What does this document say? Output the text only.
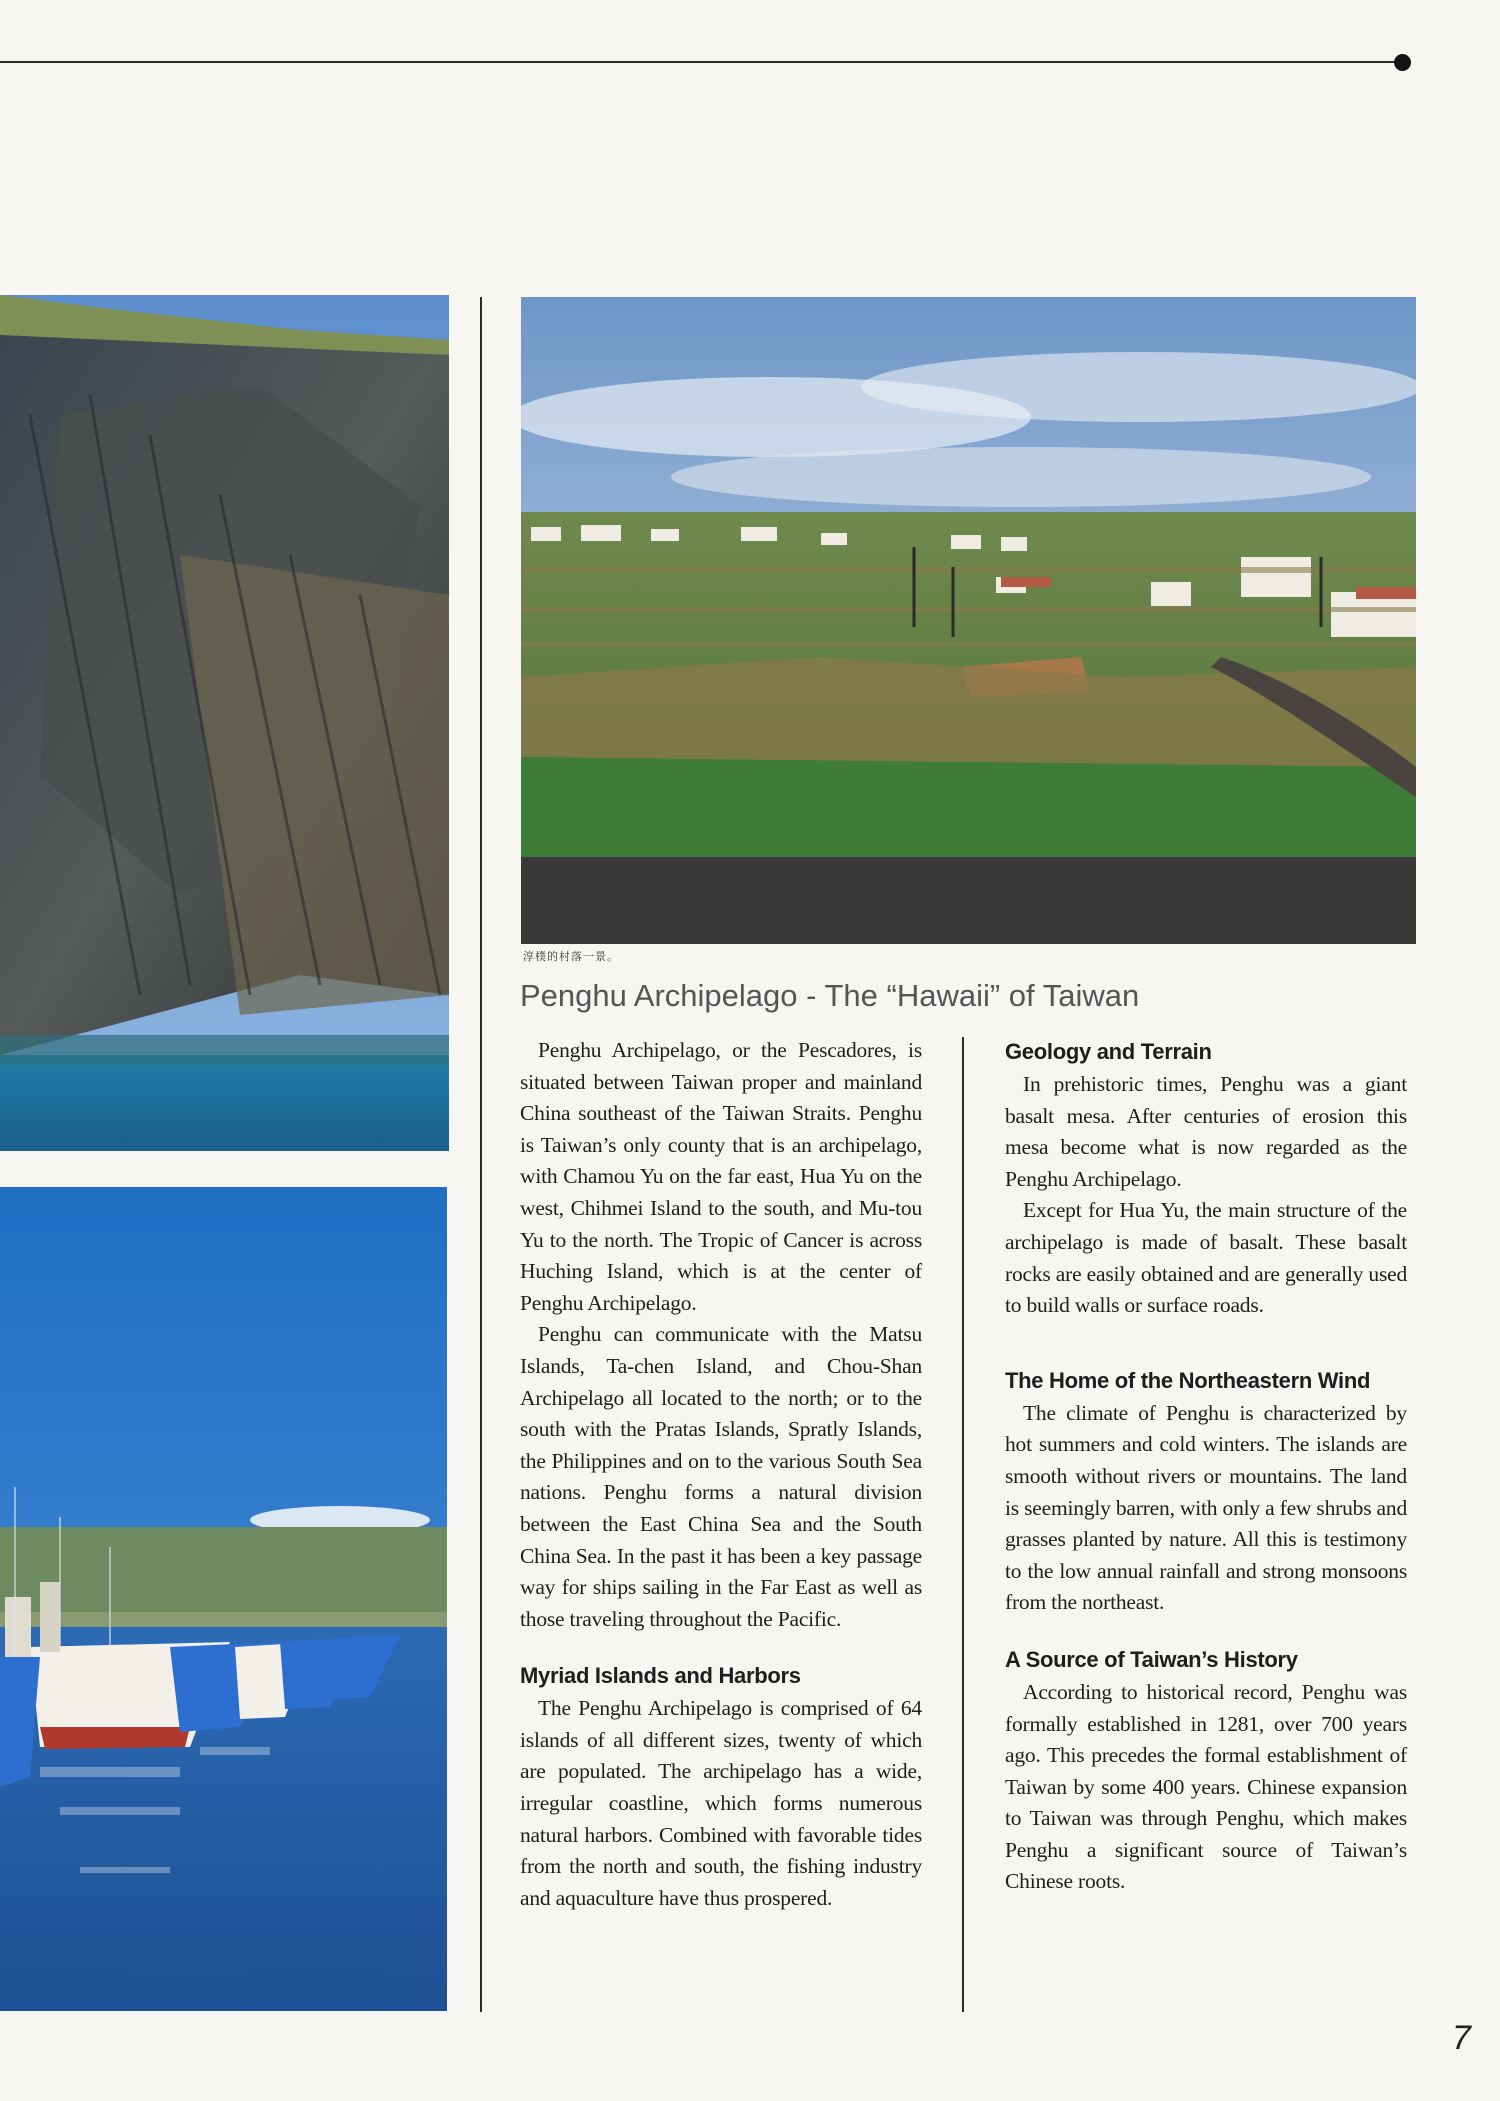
淳樸的村落一景。
Penghu Archipelago - The “Hawaii” of Taiwan

Penghu Archipelago, or the Pescadores, is situated between Taiwan proper and mainland China southeast of the Taiwan Straits. Penghu is Taiwan’s only county that is an archipelago, with Chamou Yu on the far east, Hua Yu on the west, Chihmei Island to the south, and Mu-tou Yu to the north. The Tropic of Cancer is across Huching Island, which is at the center of Penghu Archipelago.

Penghu can communicate with the Matsu Islands, Ta-chen Island, and Chou-Shan Archipelago all located to the north; or to the south with the Pratas Islands, Spratly Islands, the Philippines and on to the various South Sea nations. Penghu forms a natural division between the East China Sea and the South China Sea. In the past it has been a key passage way for ships sailing in the Far East as well as those traveling throughout the Pacific.

Myriad Islands and Harbors

The Penghu Archipelago is comprised of 64 islands of all different sizes, twenty of which are populated. The archipelago has a wide, irregular coastline, which forms numerous natural harbors. Combined with favorable tides from the north and south, the fishing industry and aquaculture have thus prospered.

Geology and Terrain

In prehistoric times, Penghu was a giant basalt mesa. After centuries of erosion this mesa become what is now regarded as the Penghu Archipelago.

Except for Hua Yu, the main structure of the archipelago is made of basalt. These basalt rocks are easily obtained and are generally used to build walls or surface roads.

The Home of the Northeastern Wind

The climate of Penghu is characterized by hot summers and cold winters. The islands are smooth without rivers or mountains. The land is seemingly barren, with only a few shrubs and grasses planted by nature. All this is testimony to the low annual rainfall and strong monsoons from the northeast.

A Source of Taiwan’s History

According to historical record, Penghu was formally established in 1281, over 700 years ago. This precedes the formal establishment of Taiwan by some 400 years. Chinese expansion to Taiwan was through Penghu, which makes Penghu a significant source of Taiwan’s Chinese roots.

7
